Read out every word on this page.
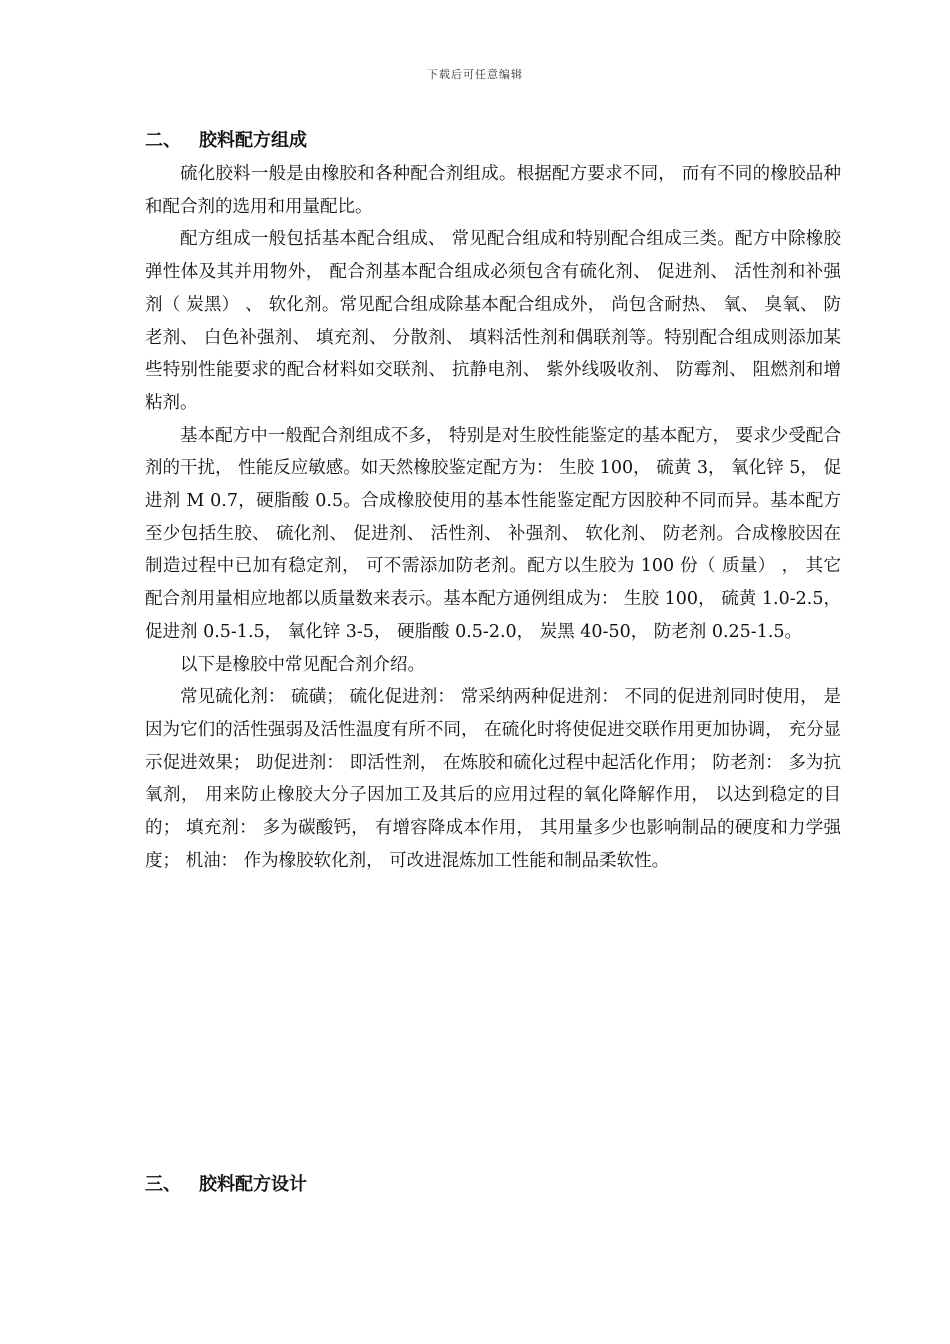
下载后可任意编辑
二、 胶料配方组成

硫化胶料一般是由橡胶和各种配合剂组成。根据配方要求不同， 而有不同的橡胶品种和配合剂的选用和用量配比。

配方组成一般包括基本配合组成、 常见配合组成和特别配合组成三类。配方中除橡胶弹性体及其并用物外， 配合剂基本配合组成必须包含有硫化剂、 促进剂、 活性剂和补强剂（ 炭黑） 、 软化剂。常见配合组成除基本配合组成外， 尚包含耐热、 氧、 臭氧、 防老剂、 白色补强剂、 填充剂、 分散剂、 填料活性剂和偶联剂等。特别配合组成则添加某些特别性能要求的配合材料如交联剂、 抗静电剂、 紫外线吸收剂、 防霉剂、 阻燃剂和增粘剂。

基本配方中一般配合剂组成不多， 特别是对生胶性能鉴定的基本配方， 要求少受配合剂的干扰， 性能反应敏感。如天然橡胶鉴定配方为： 生胶 100， 硫黄 3， 氧化锌 5， 促进剂 M 0.7，硬脂酸 0.5。合成橡胶使用的基本性能鉴定配方因胶种不同而异。基本配方至少包括生胶、 硫化剂、 促进剂、 活性剂、 补强剂、 软化剂、 防老剂。合成橡胶因在制造过程中已加有稳定剂， 可不需添加防老剂。配方以生胶为 100 份（ 质量） ， 其它配合剂用量相应地都以质量数来表示。基本配方通例组成为： 生胶 100， 硫黄 1.0-2.5， 促进剂 0.5-1.5， 氧化锌 3-5， 硬脂酸 0.5-2.0， 炭黑 40-50， 防老剂 0.25-1.5。

以下是橡胶中常见配合剂介绍。

常见硫化剂： 硫磺； 硫化促进剂： 常采纳两种促进剂： 不同的促进剂同时使用， 是因为它们的活性强弱及活性温度有所不同， 在硫化时将使促进交联作用更加协调， 充分显示促进效果； 助促进剂： 即活性剂， 在炼胶和硫化过程中起活化作用； 防老剂： 多为抗氧剂， 用来防止橡胶大分子因加工及其后的应用过程的氧化降解作用， 以达到稳定的目的； 填充剂： 多为碳酸钙， 有增容降成本作用， 其用量多少也影响制品的硬度和力学强度； 机油： 作为橡胶软化剂， 可改进混炼加工性能和制品柔软性。

三、 胶料配方设计
